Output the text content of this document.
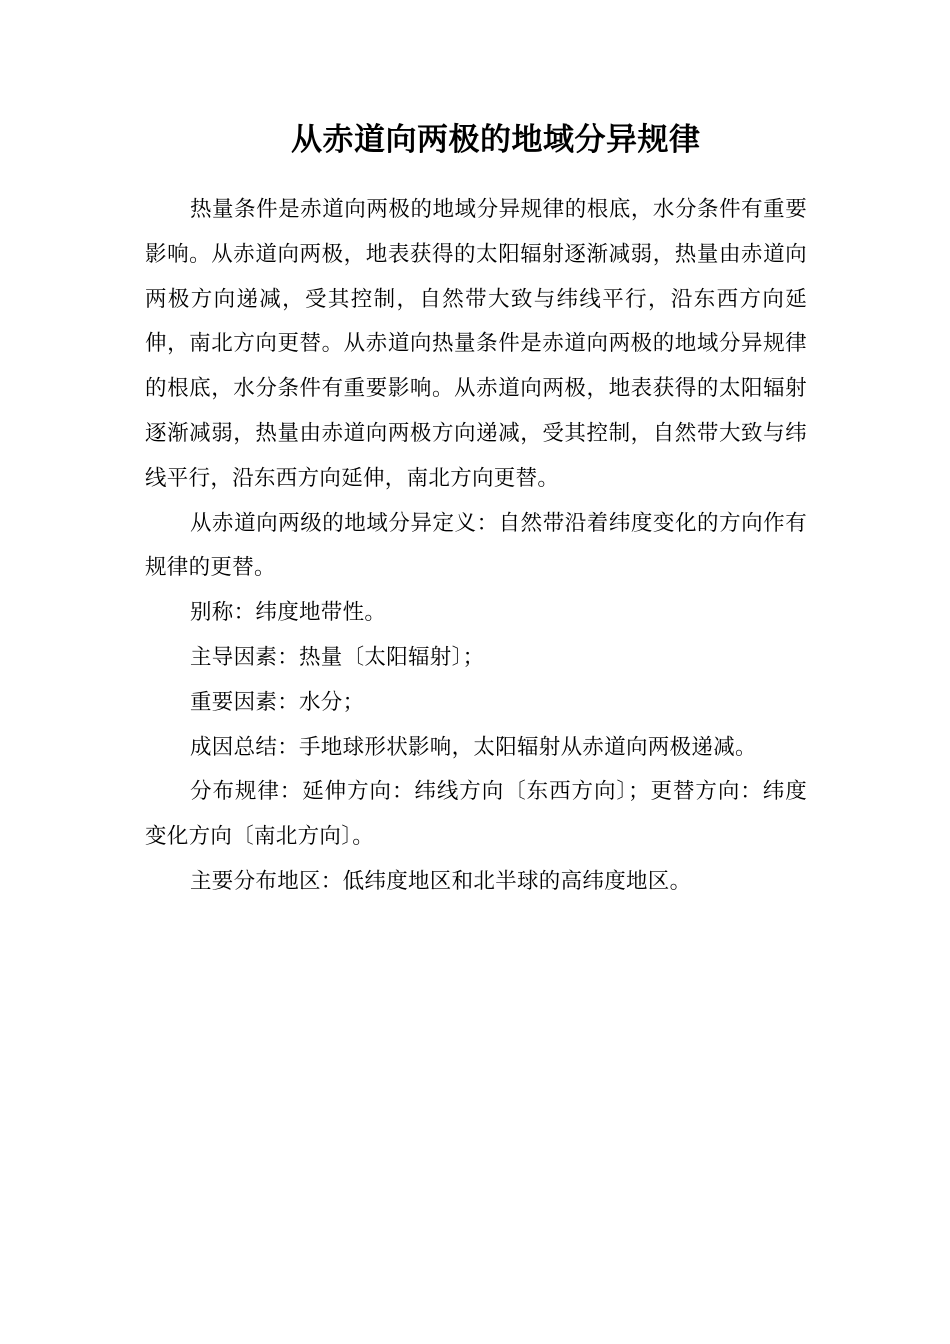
从赤道向两极的地域分异规律

热量条件是赤道向两极的地域分异规律的根底，水分条件有重要影响。从赤道向两极，地表获得的太阳辐射逐渐减弱，热量由赤道向两极方向递减，受其控制，自然带大致与纬线平行，沿东西方向延伸，南北方向更替。从赤道向热量条件是赤道向两极的地域分异规律的根底，水分条件有重要影响。从赤道向两极，地表获得的太阳辐射逐渐减弱，热量由赤道向两极方向递减，受其控制，自然带大致与纬线平行，沿东西方向延伸，南北方向更替。

从赤道向两级的地域分异定义：自然带沿着纬度变化的方向作有规律的更替。

别称：纬度地带性。

主导因素：热量〔太阳辐射〕；

重要因素：水分；

成因总结：手地球形状影响，太阳辐射从赤道向两极递减。

分布规律：延伸方向：纬线方向〔东西方向〕；更替方向：纬度变化方向〔南北方向〕。

主要分布地区：低纬度地区和北半球的高纬度地区。
